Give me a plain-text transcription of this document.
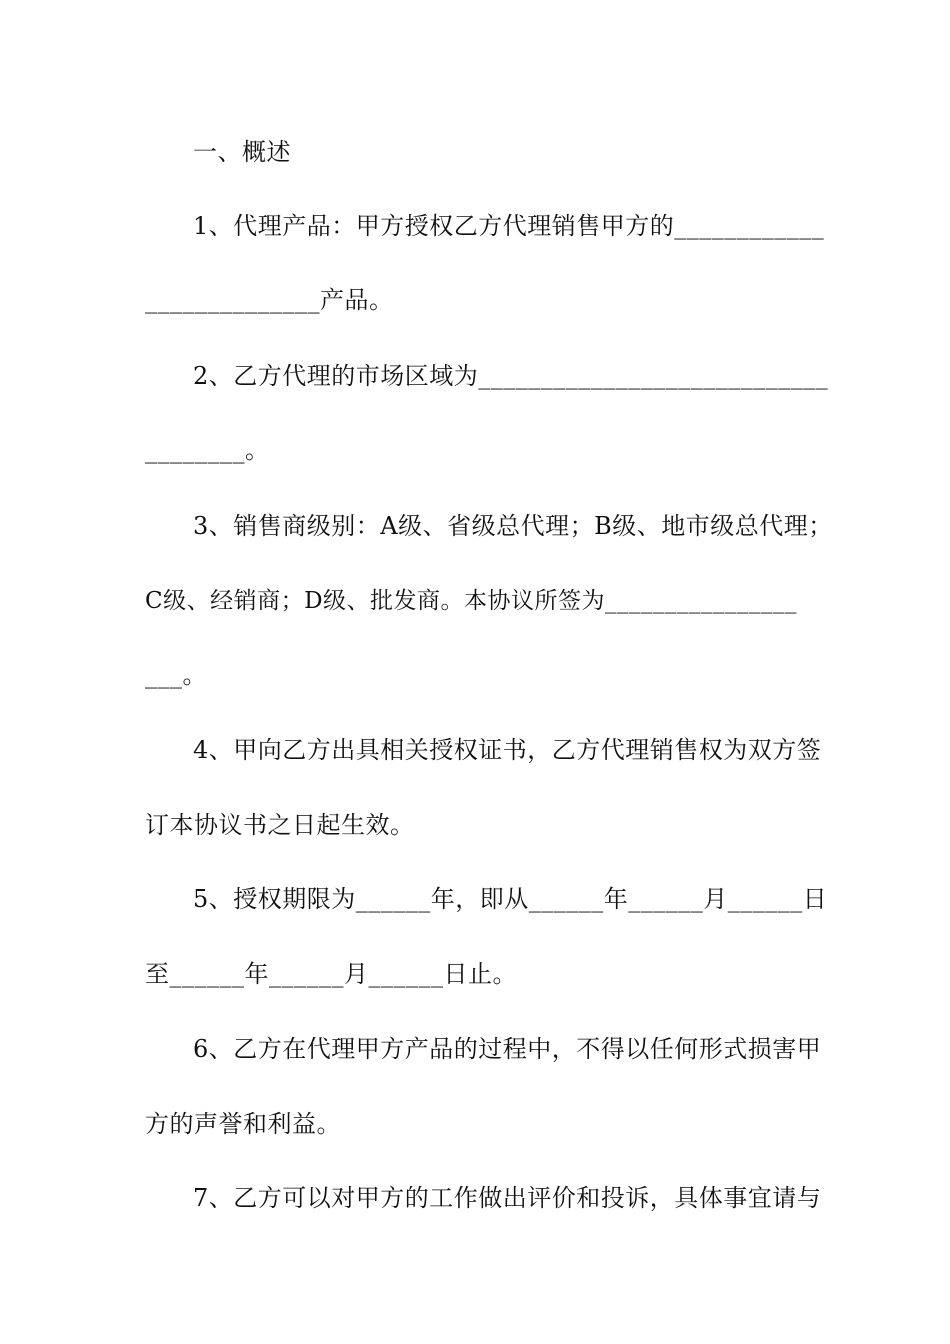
一、概述
1、代理产品：甲方授权乙方代理销售甲方的____________
______________产品。
2、乙方代理的市场区域为____________________________
________。
3、销售商级别：A级、省级总代理；B级、地市级总代理；
C级、经销商；D级、批发商。本协议所签为________________
___。
4、甲向乙方出具相关授权证书，乙方代理销售权为双方签
订本协议书之日起生效。
5、授权期限为______年，即从______年______月______日
至______年______月______日止。
6、乙方在代理甲方产品的过程中，不得以任何形式损害甲
方的声誉和利益。
7、乙方可以对甲方的工作做出评价和投诉，具体事宜请与
